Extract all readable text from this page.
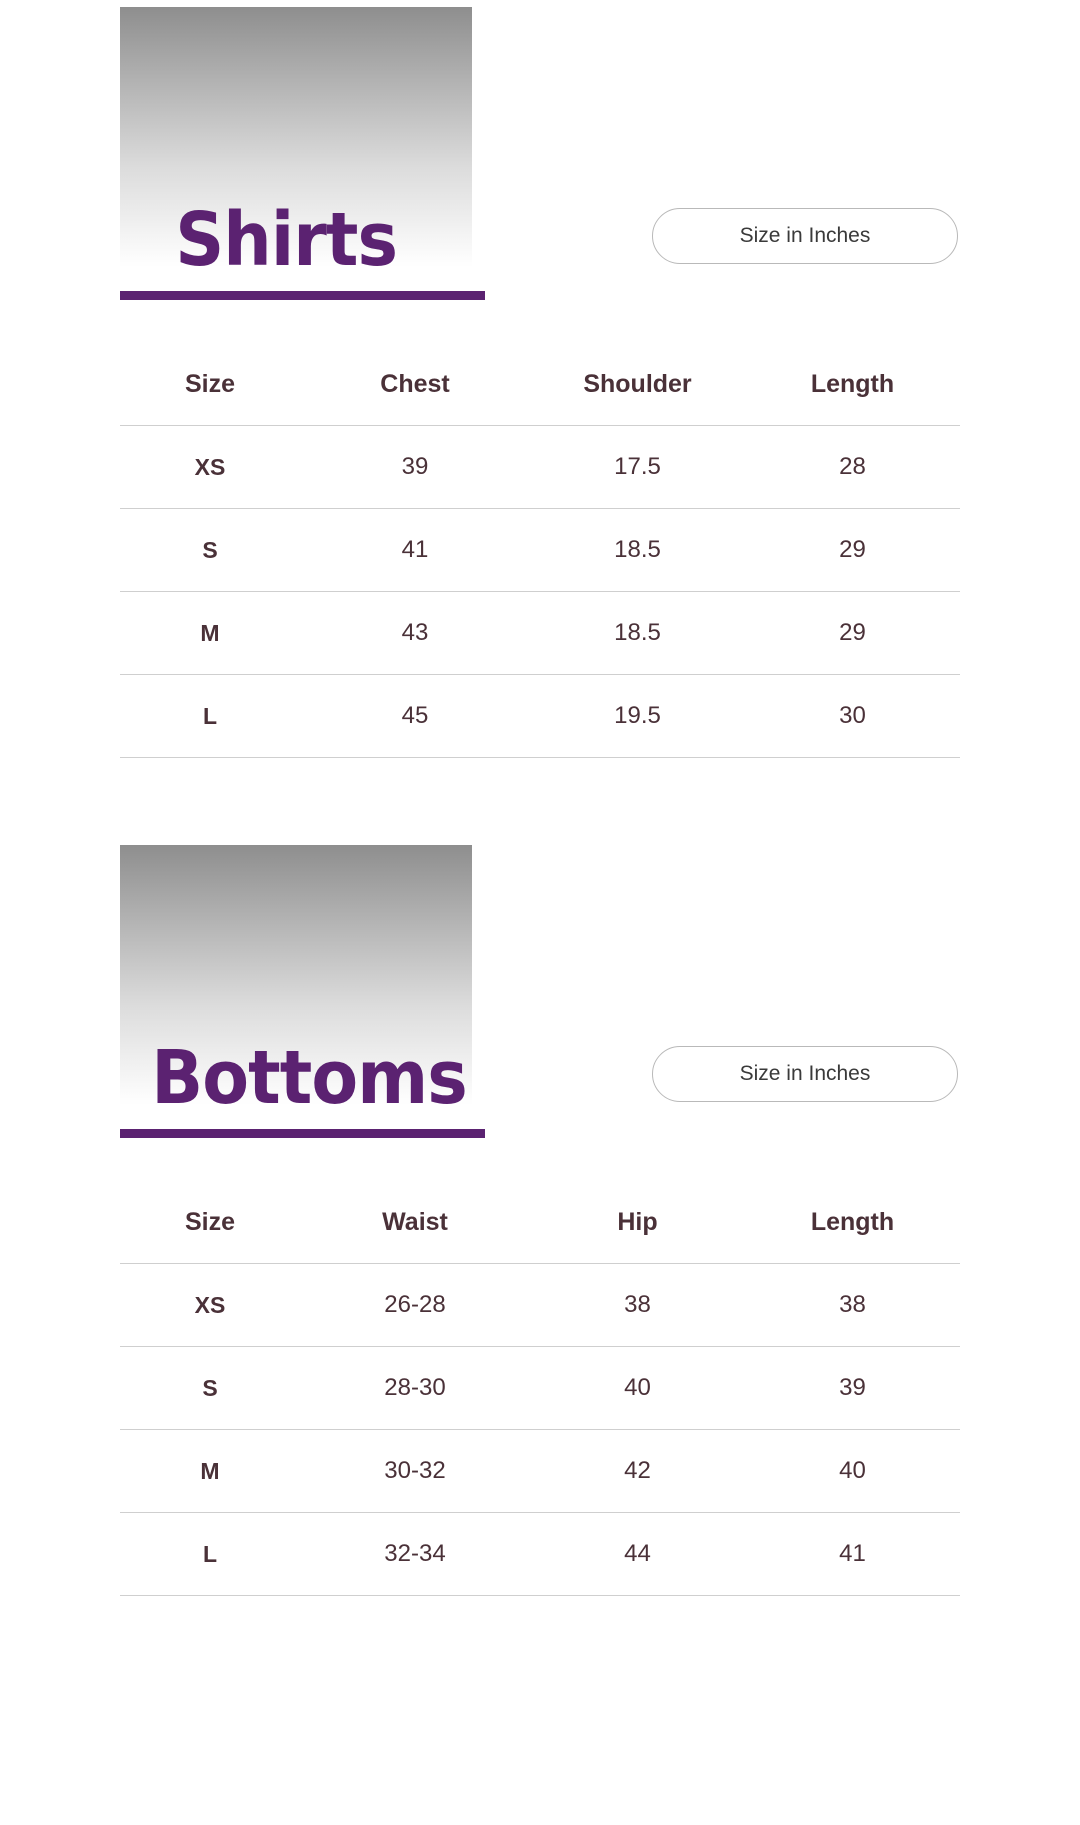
Shirts	Size in Inches
Size	Chest	Shoulder	Length
XS	39	17.5	28
S	41	18.5	29
M	43	18.5	29
L	45	19.5	30
Bottoms	Size in Inches
Size	Waist	Hip	Length
XS	26-28	38	38
S	28-30	40	39
M	30-32	42	40
L	32-34	44	41
